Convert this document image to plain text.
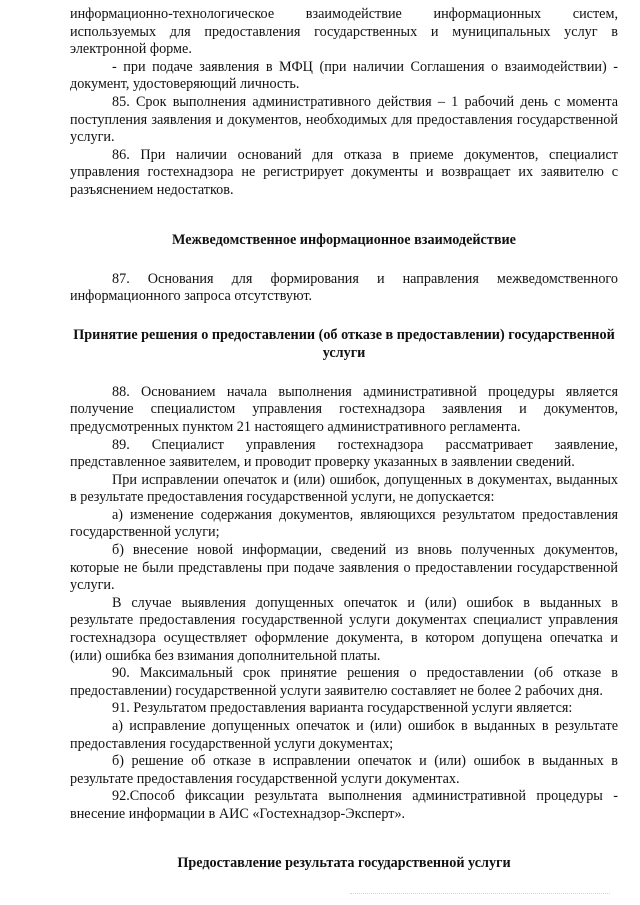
информационно-технологическое взаимодействие информационных систем, используемых для предоставления государственных и муниципальных услуг в электронной форме.

- при подаче заявления в МФЦ (при наличии Соглашения о взаимодействии) - документ, удостоверяющий личность.

85. Срок выполнения административного действия – 1 рабочий день с момента поступления заявления и документов, необходимых для предоставления государственной услуги.

86. При наличии оснований для отказа в приеме документов, специалист управления гостехнадзора не регистрирует документы и возвращает их заявителю с разъяснением недостатков.

Межведомственное информационное взаимодействие

87. Основания для формирования и направления межведомственного информационного запроса отсутствуют.

Принятие решения о предоставлении (об отказе в предоставлении) государственной услуги

88. Основанием начала выполнения административной процедуры является получение специалистом управления гостехнадзора заявления и документов, предусмотренных пунктом 21 настоящего административного регламента.

89. Специалист управления гостехнадзора рассматривает заявление, представленное заявителем, и проводит проверку указанных в заявлении сведений.

При исправлении опечаток и (или) ошибок, допущенных в документах, выданных в результате предоставления государственной услуги, не допускается:

а) изменение содержания документов, являющихся результатом предоставления государственной услуги;

б) внесение новой информации, сведений из вновь полученных документов, которые не были представлены при подаче заявления о предоставлении государственной услуги.

В случае выявления допущенных опечаток и (или) ошибок в выданных в результате предоставления государственной услуги документах специалист управления гостехнадзора осуществляет оформление документа, в котором допущена опечатка и (или) ошибка без взимания дополнительной платы.

90. Максимальный срок принятие решения о предоставлении (об отказе в предоставлении) государственной услуги заявителю составляет не более 2 рабочих дня.

91. Результатом предоставления варианта государственной услуги является:

а) исправление допущенных опечаток и (или) ошибок в выданных в результате предоставления государственной услуги документах;

б) решение об отказе в исправлении опечаток и (или) ошибок в выданных в результате предоставления государственной услуги документах.

92.Способ фиксации результата выполнения административной процедуры - внесение информации в АИС «Гостехнадзор-Эксперт».

Предоставление результата государственной услуги
